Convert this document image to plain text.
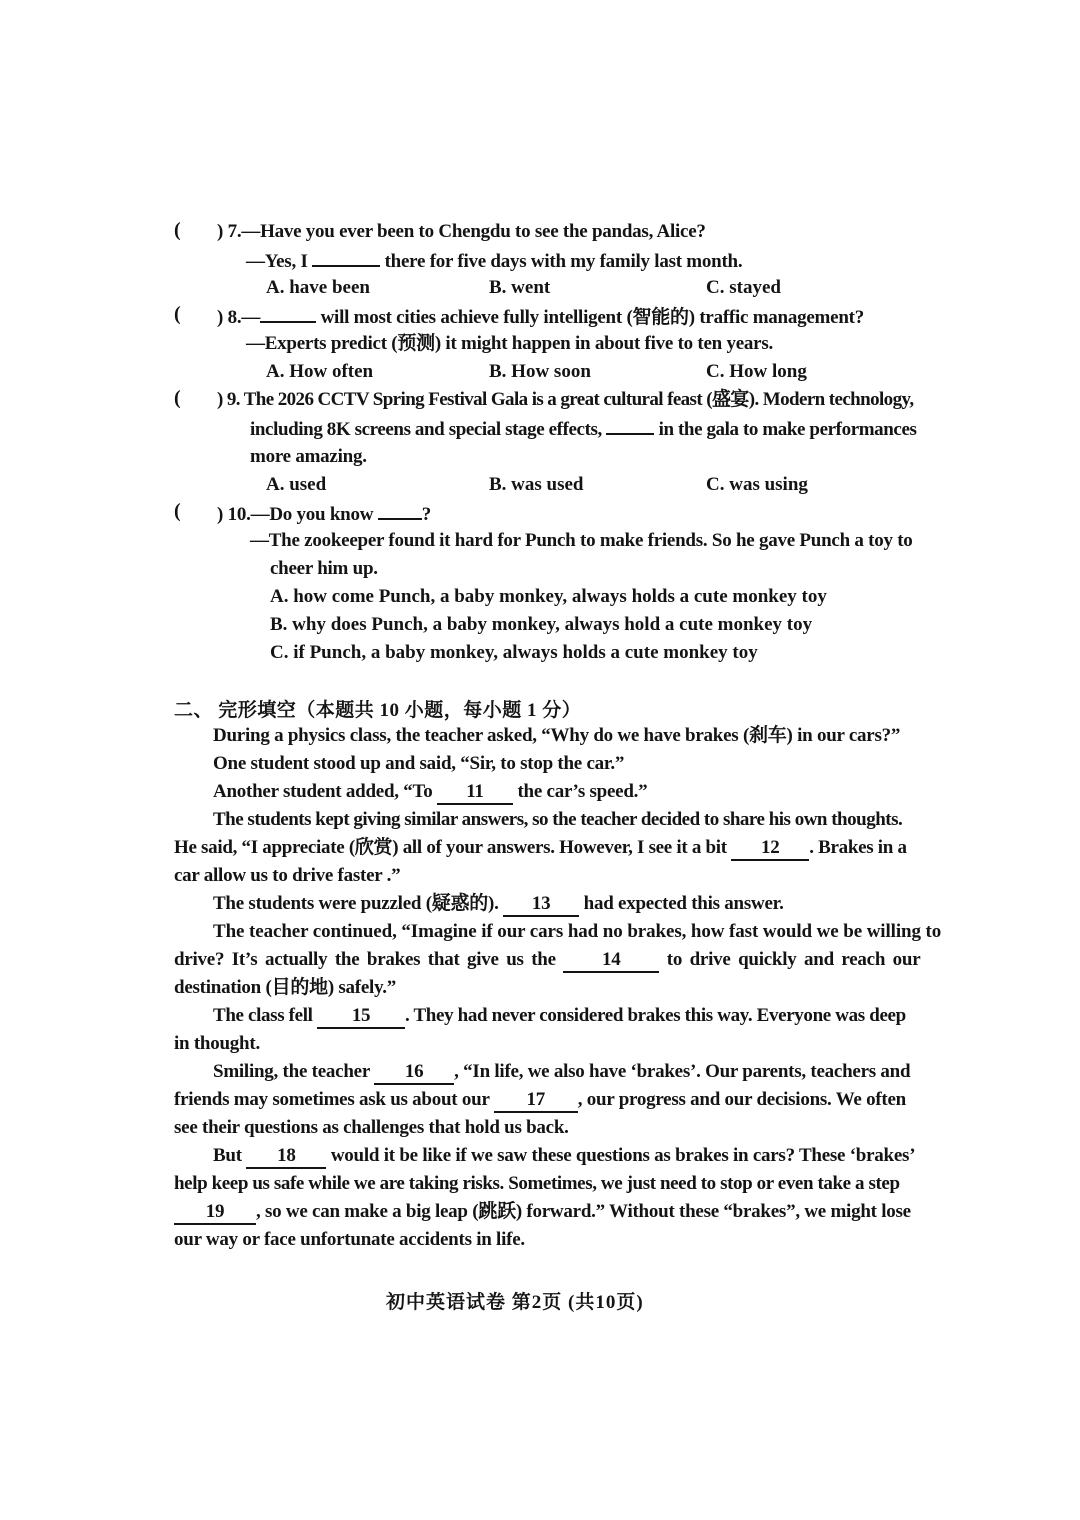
( ) 7.—Have you ever been to Chengdu to see the pandas, Alice?
—Yes, I	there for five days with my family last month.
A. have been	B. went	C. stayed
( ) 8.—	will most cities achieve fully intelligent (智能的) traffic management?
—Experts predict (预测) it might happen in about five to ten years.
A. How often	B. How soon	C. How long
( ) 9. The 2026 CCTV Spring Festival Gala is a great cultural feast (盛宴). Modern technology,
including 8K screens and special stage effects,	in the gala to make performances
more amazing.
A. used	B. was used	C. was using
( ) 10.—Do you know	?
—The zookeeper found it hard for Punch to make friends. So he gave Punch a toy to
cheer him up.
A. how come Punch, a baby monkey, always holds a cute monkey toy
B. why does Punch, a baby monkey, always hold a cute monkey toy
C. if Punch, a baby monkey, always holds a cute monkey toy
二、 完形填空（本题共 10 小题，每小题 1 分）
During a physics class, the teacher asked, “Why do we have brakes (刹车) in our cars?”
One student stood up and said, “Sir, to stop the car.”
Another student added, “To 11 the car’s speed.”
The students kept giving similar answers, so the teacher decided to share his own thoughts.
He said, “I appreciate (欣赏) all of your answers. However, I see it a bit 12 . Brakes in a
car allow us to drive faster .”
The students were puzzled (疑惑的). 13 had expected this answer.
The teacher continued, “Imagine if our cars had no brakes, how fast would we be willing to
drive? It’s actually the brakes that give us the 14 to drive quickly and reach our
destination (目的地) safely.”
The class fell 15 . They had never considered brakes this way. Everyone was deep
in thought.
Smiling, the teacher 16 , “In life, we also have ‘brakes’. Our parents, teachers and
friends may sometimes ask us about our 17 , our progress and our decisions. We often
see their questions as challenges that hold us back.
But 18 would it be like if we saw these questions as brakes in cars? These ‘brakes’
help keep us safe while we are taking risks. Sometimes, we just need to stop or even take a step
19 , so we can make a big leap (跳跃) forward.” Without these “brakes”, we might lose
our way or face unfortunate accidents in life.
初中英语试卷 第2页 (共10页)
